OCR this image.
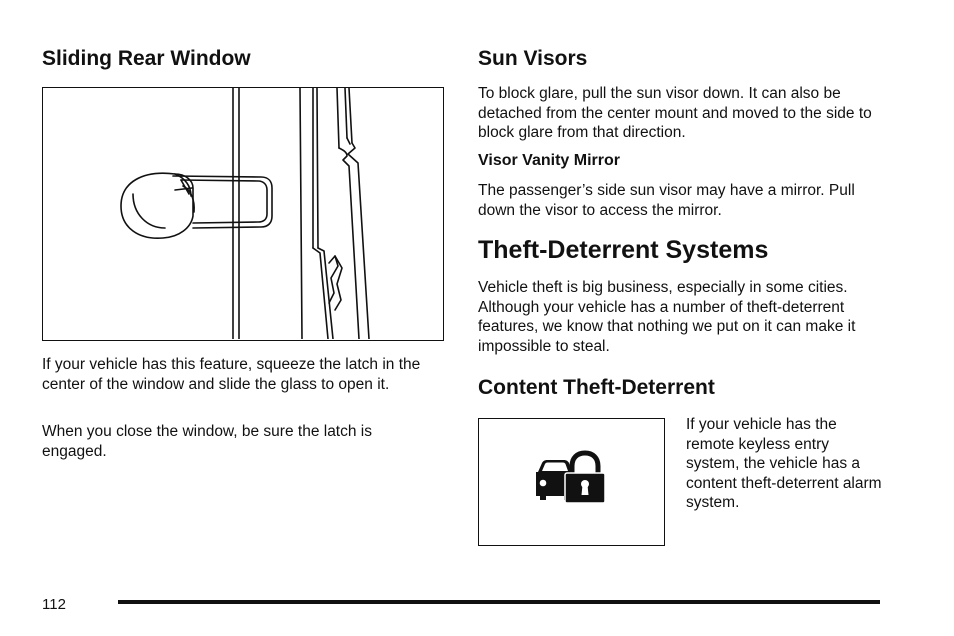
Sliding Rear Window

If your vehicle has this feature, squeeze the latch in the center of the window and slide the glass to open it.

When you close the window, be sure the latch is engaged.

Sun Visors

To block glare, pull the sun visor down. It can also be detached from the center mount and moved to the side to block glare from that direction.

Visor Vanity Mirror

The passenger’s side sun visor may have a mirror. Pull down the visor to access the mirror.

Theft-Deterrent Systems

Vehicle theft is big business, especially in some cities. Although your vehicle has a number of theft-deterrent features, we know that nothing we put on it can make it impossible to steal.

Content Theft-Deterrent

If your vehicle has the remote keyless entry system, the vehicle has a content theft-deterrent alarm system.

112
